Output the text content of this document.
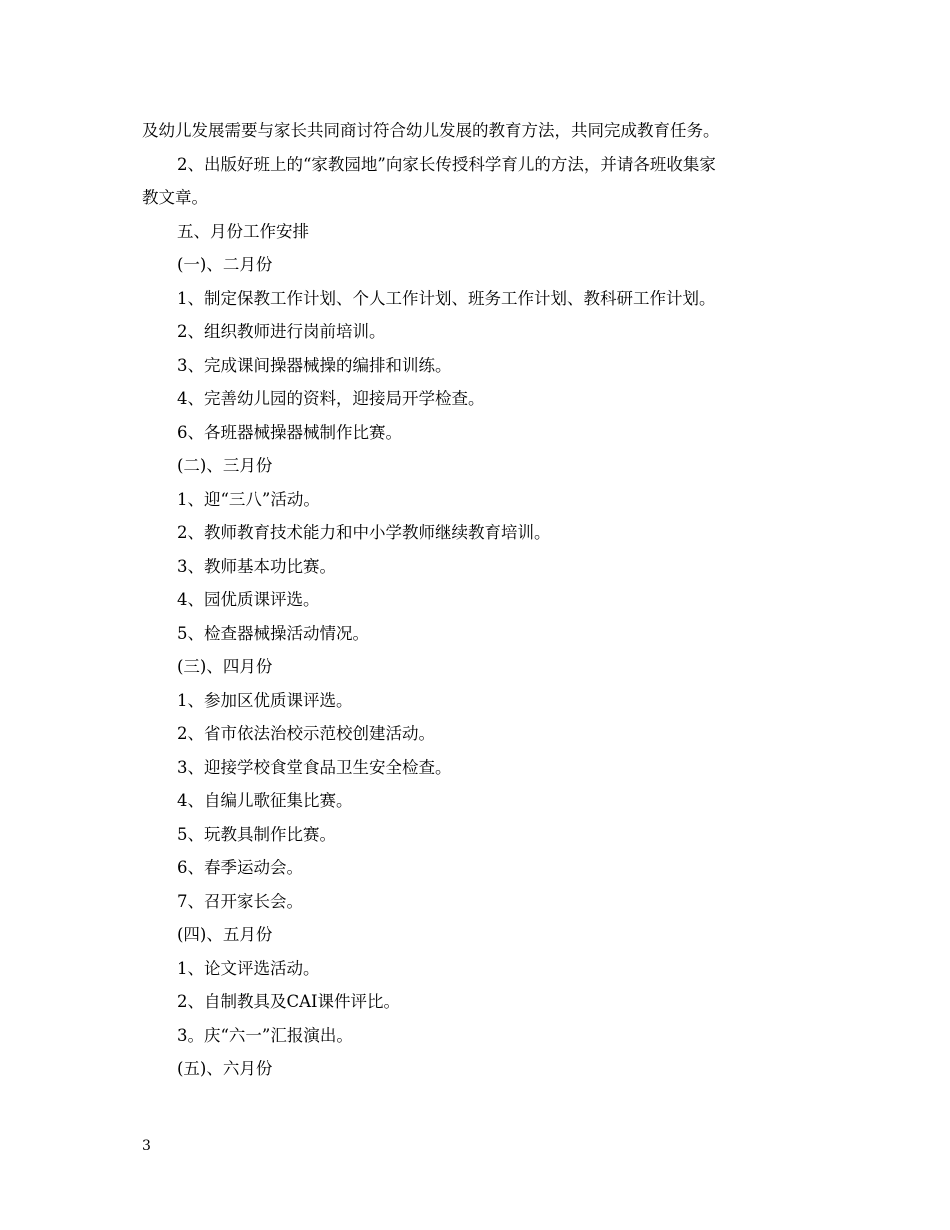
及幼儿发展需要与家长共同商讨符合幼儿发展的教育方法，共同完成教育任务。
2、出版好班上的“家教园地”向家长传授科学育儿的方法，并请各班收集家
教文章。
五、月份工作安排
(一)、二月份
1、制定保教工作计划、个人工作计划、班务工作计划、教科研工作计划。
2、组织教师进行岗前培训。
3、完成课间操器械操的编排和训练。
4、完善幼儿园的资料，迎接局开学检查。
6、各班器械操器械制作比赛。
(二)、三月份
1、迎“三八”活动。
2、教师教育技术能力和中小学教师继续教育培训。
3、教师基本功比赛。
4、园优质课评选。
5、检查器械操活动情况。
(三)、四月份
1、参加区优质课评选。
2、省市依法治校示范校创建活动。
3、迎接学校食堂食品卫生安全检查。
4、自编儿歌征集比赛。
5、玩教具制作比赛。
6、春季运动会。
7、召开家长会。
(四)、五月份
1、论文评选活动。
2、自制教具及CAI课件评比。
3。庆“六一”汇报演出。
(五)、六月份
3
